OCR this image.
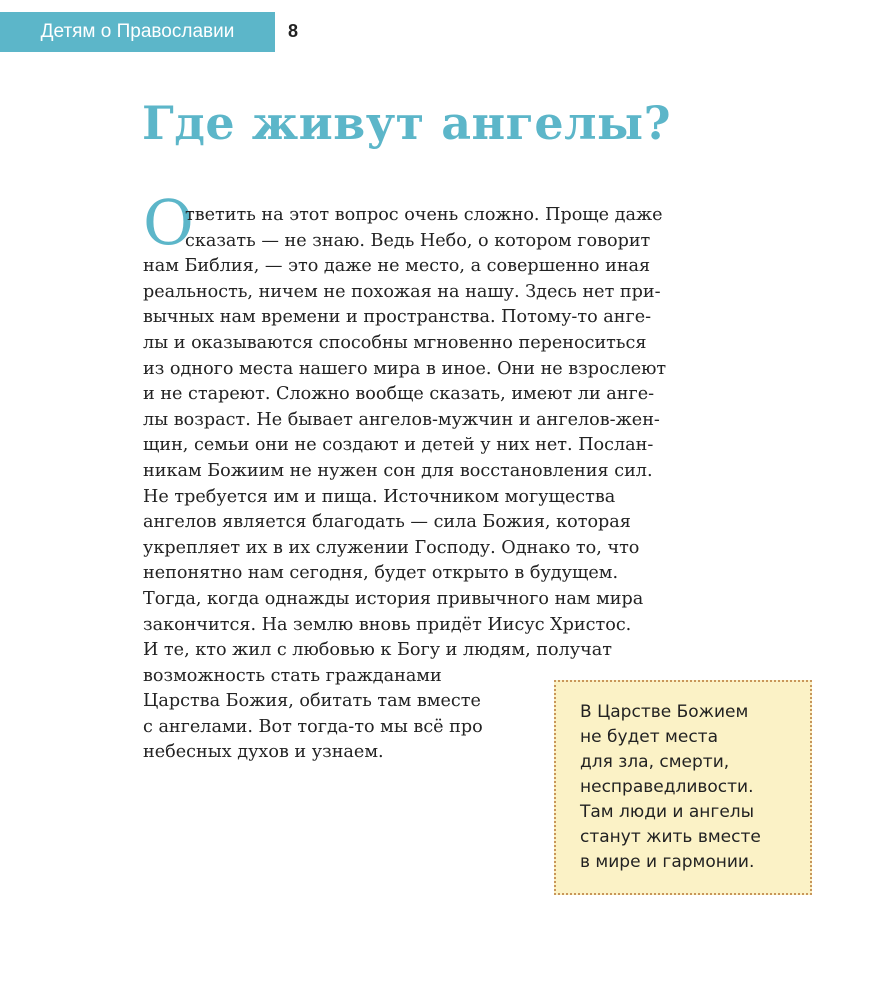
Детям о Православии	8
Где живут ангелы?
О
тветить на этот вопрос очень сложно. Проще даже
сказать — не знаю. Ведь Небо, о котором говорит
нам Библия, — это даже не место, а совершенно иная
реальность, ничем не похожая на нашу. Здесь нет при-
вычных нам времени и пространства. Потому-то анге-
лы и оказываются способны мгновенно переноситься
из одного места нашего мира в иное. Они не взрослеют
и не стареют. Сложно вообще сказать, имеют ли анге-
лы возраст. Не бывает ангелов-мужчин и ангелов-жен-
щин, семьи они не создают и детей у них нет. Послан-
никам Божиим не нужен сон для восстановления сил.
Не требуется им и пища. Источником могущества
ангелов является благодать — сила Божия, которая
укрепляет их в их служении Господу. Однако то, что
непонятно нам сегодня, будет открыто в будущем.
Тогда, когда однажды история привычного нам мира
закончится. На землю вновь придёт Иисус Христос.
И те, кто жил с любовью к Богу и людям, получат
возможность стать гражданами
Царства Божия, обитать там вместе
с ангелами. Вот тогда-то мы всё про
небесных духов и узнаем.
В Царстве Божием
не будет места
для зла, смерти,
несправедливости.
Там люди и ангелы
станут жить вместе
в мире и гармонии.
